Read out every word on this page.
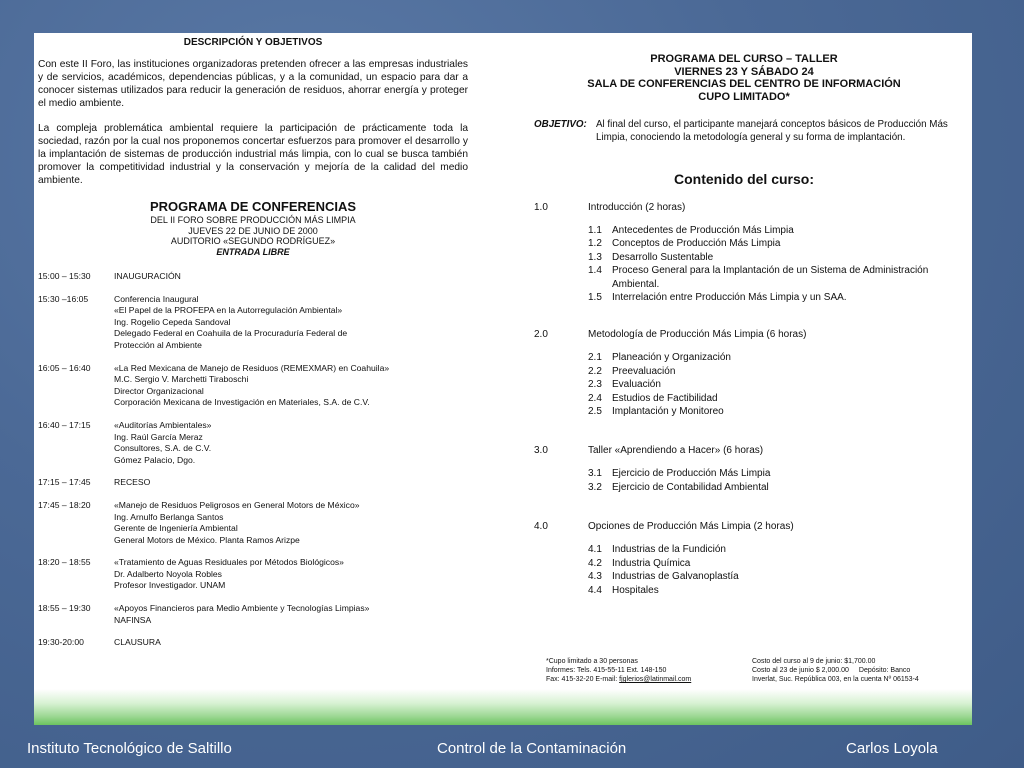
DESCRIPCIÓN Y OBJETIVOS

Con este II Foro, las instituciones organizadoras pretenden ofrecer a las empresas industriales y de servicios, académicos, dependencias públicas, y a la comunidad, un espacio para dar a conocer sistemas utilizados para reducir la generación de residuos, ahorrar energía y proteger el medio ambiente.

La compleja problemática ambiental requiere la participación de prácticamente toda la sociedad, razón por la cual nos proponemos concertar esfuerzos para promover el desarrollo y la implantación de sistemas de producción industrial más limpia, con lo cual se busca también promover la competitividad industrial y la conservación y mejoría de la calidad del medio ambiente.

PROGRAMA DE CONFERENCIAS

DEL II FORO SOBRE PRODUCCIÓN MÁS LIMPIA

JUEVES 22 DE JUNIO DE 2000

AUDITORIO «SEGUNDO RODRÍGUEZ»

ENTRADA LIBRE

15:00 – 15:30	INAUGURACIÓN
15:30 –16:05	Conferencia Inaugural
«El Papel de la PROFEPA en la Autorregulación Ambiental»
Ing. Rogelio Cepeda Sandoval
Delegado Federal en Coahuila de la Procuraduría Federal de
Protección al Ambiente
16:05 – 16:40	«La Red Mexicana de Manejo de Residuos (REMEXMAR) en Coahuila»
M.C. Sergio V. Marchetti Tiraboschi
Director Organizacional
Corporación Mexicana de Investigación en Materiales, S.A. de C.V.
16:40 – 17:15	«Auditorías Ambientales»
Ing. Raúl García Meraz
Consultores, S.A. de C.V.
Gómez Palacio, Dgo.
17:15 – 17:45	RECESO
17:45 – 18:20	«Manejo de Residuos Peligrosos en General Motors de México»
Ing. Arnulfo Berlanga Santos
Gerente de Ingeniería Ambiental
General Motors de México. Planta Ramos Arizpe
18:20 – 18:55	«Tratamiento de Aguas Residuales por Métodos Biológicos»
Dr. Adalberto Noyola Robles
Profesor Investigador. UNAM
18:55 – 19:30	«Apoyos Financieros para Medio Ambiente y Tecnologías Limpias»
NAFINSA
19:30-20:00	CLAUSURA

PROGRAMA DEL CURSO – TALLER

VIERNES 23 Y SÁBADO 24

SALA DE CONFERENCIAS DEL CENTRO DE INFORMACIÓN

CUPO LIMITADO*

OBJETIVO: Al final del curso, el participante manejará conceptos básicos de Producción Más Limpia, conociendo la metodología general y su forma de implantación.
Contenido del curso:
1.0	Introducción (2 horas)
1.1	Antecedentes de Producción Más Limpia
1.2	Conceptos de Producción Más Limpia
1.3	Desarrollo Sustentable
1.4	Proceso General para la Implantación de un Sistema de Administración Ambiental.
1.5	Interrelación entre Producción Más Limpia y un SAA.
2.0	Metodología de Producción Más Limpia (6 horas)
2.1	Planeación y Organización
2.2	Preevaluación
2.3	Evaluación
2.4	Estudios de Factibilidad
2.5	Implantación y Monitoreo
3.0	Taller «Aprendiendo a Hacer» (6 horas)
3.1	Ejercicio de Producción Más Limpia
3.2	Ejercicio de Contabilidad Ambiental
4.0	Opciones de Producción Más Limpia (2 horas)
4.1	Industrias de la Fundición
4.2	Industria Química
4.3	Industrias de Galvanoplastía
4.4	Hospitales
*Cupo limitado a 30 personas
Informes: Tels. 415-55-11 Ext. 148-150
Fax: 415-32-20 E-mail: fjglerios@latinmail.com
Costo del curso al 9 de junio: $1,700.00
Costo al 23 de junio $ 2,000.00 Depósito: Banco
Inverlat, Suc. República 003, en la cuenta Nº 06153-4
Instituto Tecnológico de Saltillo	Control de la Contaminación	Carlos Loyola
